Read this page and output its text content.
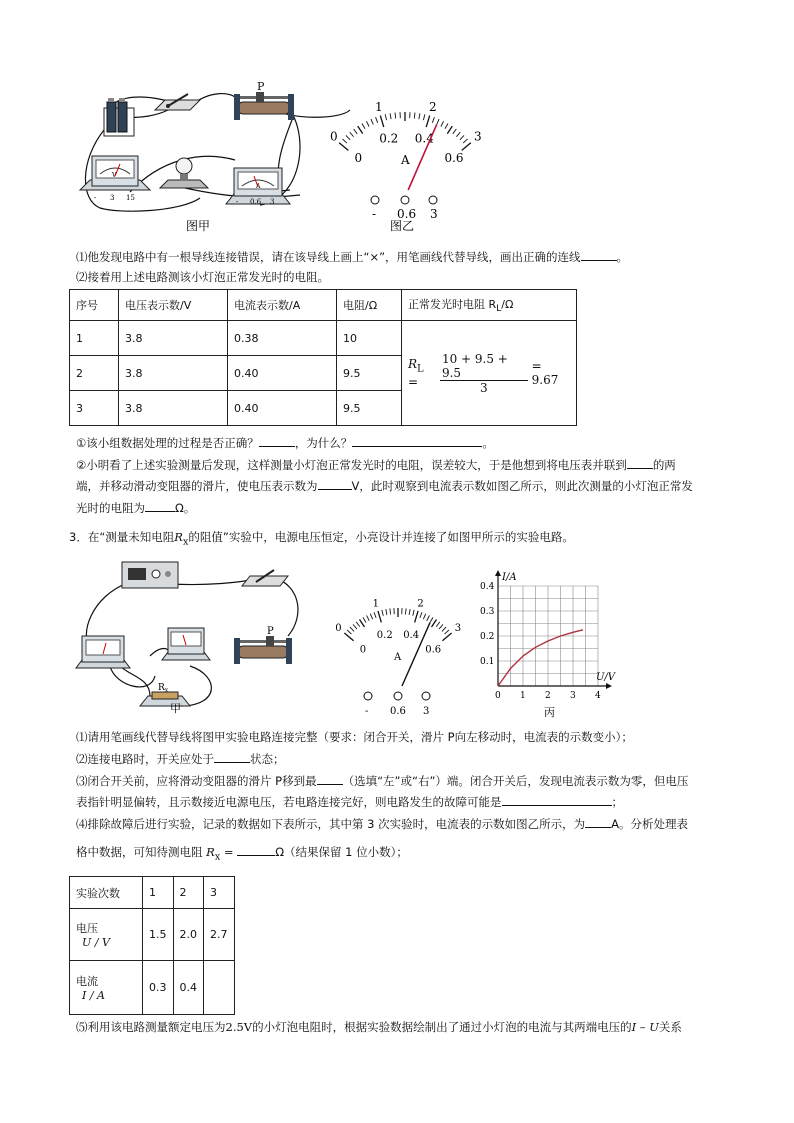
P
V
- 3 15
A
- 0.6 3
图甲	图乙
0
1	2
3
0
0.2 0.4
0.6
A
- 0.6 3
⑴他发现电路中有一根导线连接错误，请在该导线上画上“×”，用笔画线代替导线，画出正确的连线	。
⑵接着用上述电路测该小灯泡正常发光时的电阻。
序号	电压表示数/V	电流表示数/A	电阻/Ω	正常发光时电阻 $R_L/\Omega$
1	3.8	0.38	10	$R_L = \frac{10 + 9.5 + 9.5}{3} = 9.67$

2	3.8	0.40	9.5	
3	3.8	0.40	9.5	
①该小组数据处理的过程是否正确？	，为什么？	。
②小明看了上述实验测量后发现，这样测量小灯泡正常发光时的电阻，误差较大，于是他想到将电压表并联到 的两
端，并移动滑动变阻器的滑片，使电压表示数为	V，此时观察到电流表示数如图乙所示，则此次测量的小灯泡正常发
光时的电阻为	Ω。
3．在“测量未知电阻$R_x$的阻值”实验中，电源电压恒定，小亮设计并连接了如图甲所示的实验电路。
$R_x$
P
甲
0
1	2
3
0
0.2 0.4
0.6
A
- 0.6 3
U/V
I/A
0 1 2 3 4
0.1
0.2
0.3
0.4
丙
⑴请用笔画线代替导线将图甲实验电路连接完整（要求：闭合开关，滑片 P向左移动时，电流表的示数变小）；
⑵连接电路时，开关应处于	状态；
⑶闭合开关前，应将滑动变阻器的滑片 P移到最 （选填“左”或“右”）端。闭合开关后，发现电流表示数为零，但电压
表指针明显偏转，且示数接近电源电压，若电路连接完好，则电路发生的故障可能是	；
⑷排除故障后进行实验，记录的数据如下表所示，其中第 3 次实验时，电流表的示数如图乙所示，为 A。分析处理表
格中数据，可知待测电阻 $R_x$ =	Ω（结果保留 1 位小数）；
实验次数	1	2	3

电压
U / V	1.5	2.0	2.7

电流
I / A	0.3	0.4	
⑸利用该电路测量额定电压为2.5V的小灯泡电阻时，根据实验数据绘制出了通过小灯泡的电流与其两端电压的I – U关系
